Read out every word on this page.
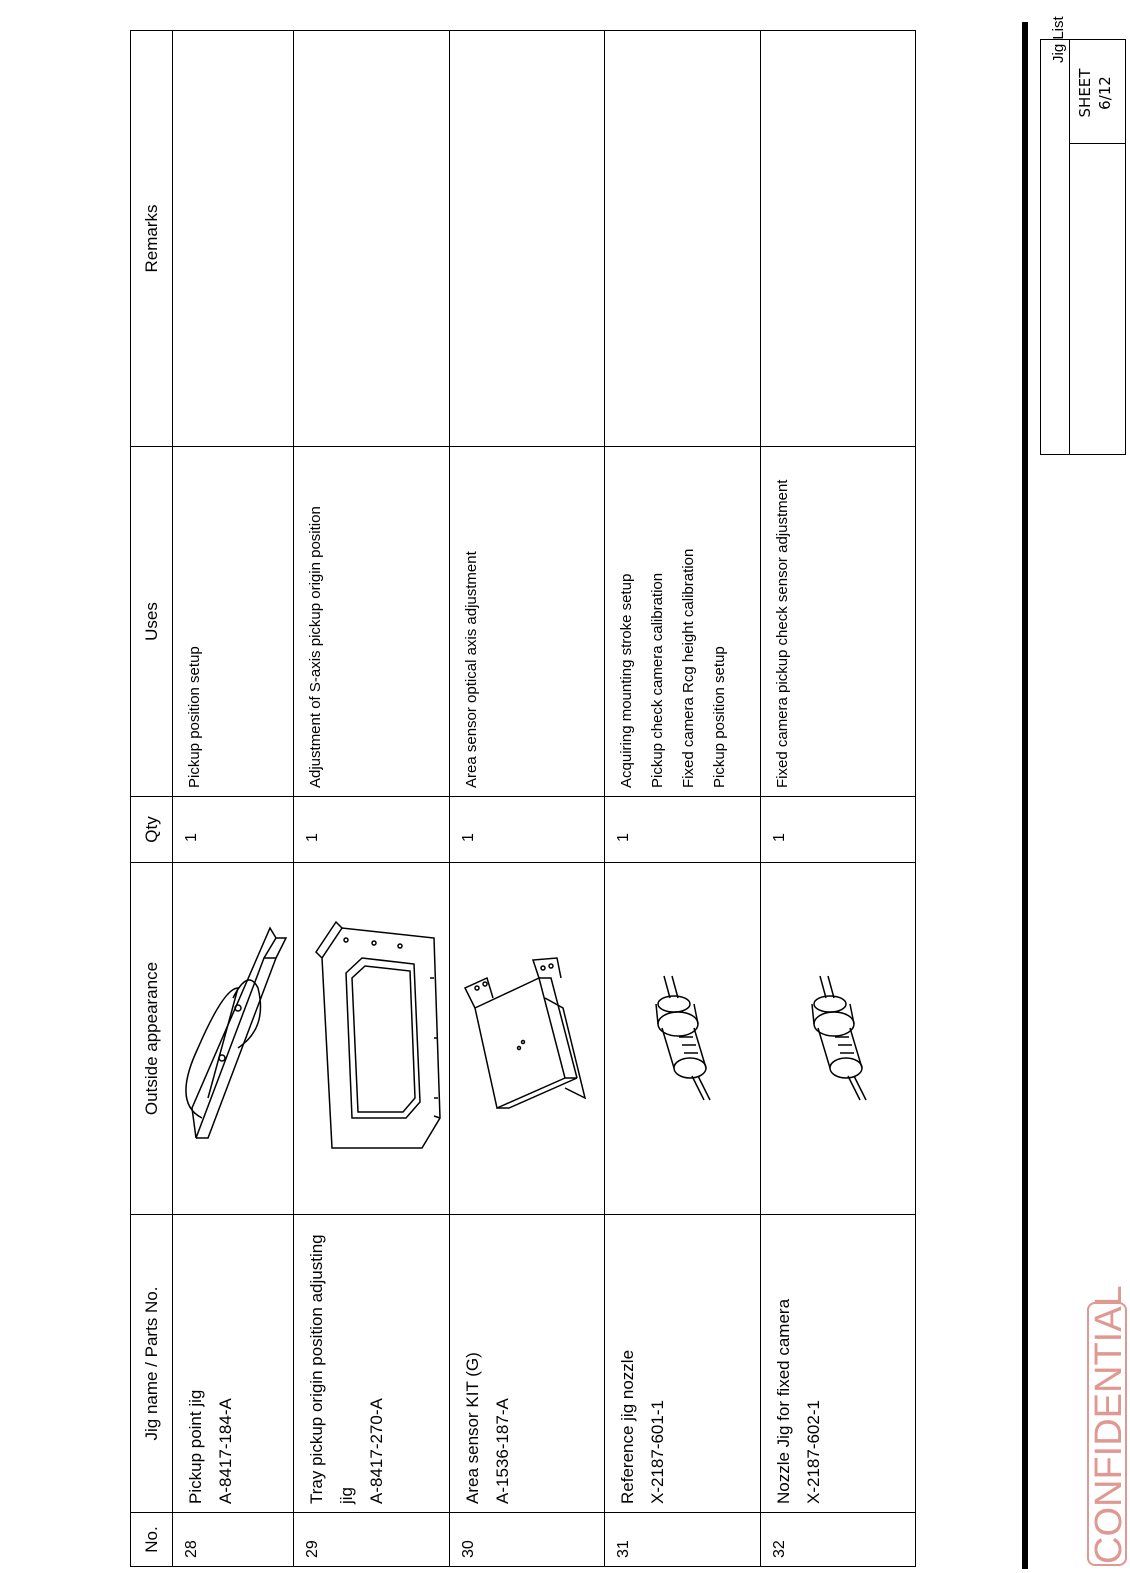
CONFIDENTIAL
Jig List
No.	Jig name / Parts No.	Outside appearance	Qty	Uses	Remarks
28	Pickup point jig A-8417-184-A		1	Pickup position setup	

29	Tray pickup origin position adjusting jig A-8417-270-A		1	Adjustment of S-axis pickup origin position	

30	Area sensor KIT (G) A-1536-187-A		1	Area sensor optical axis adjustment	

31	Reference jig nozzle X-2187-601-1		1	Acquiring mounting stroke setup Pickup check camera calibration Fixed camera Rcg height calibration Pickup position setup	

32	Nozzle Jig for fixed camera X-2187-602-1		1	Fixed camera pickup check sensor adjustment	

SHEET 6/12
